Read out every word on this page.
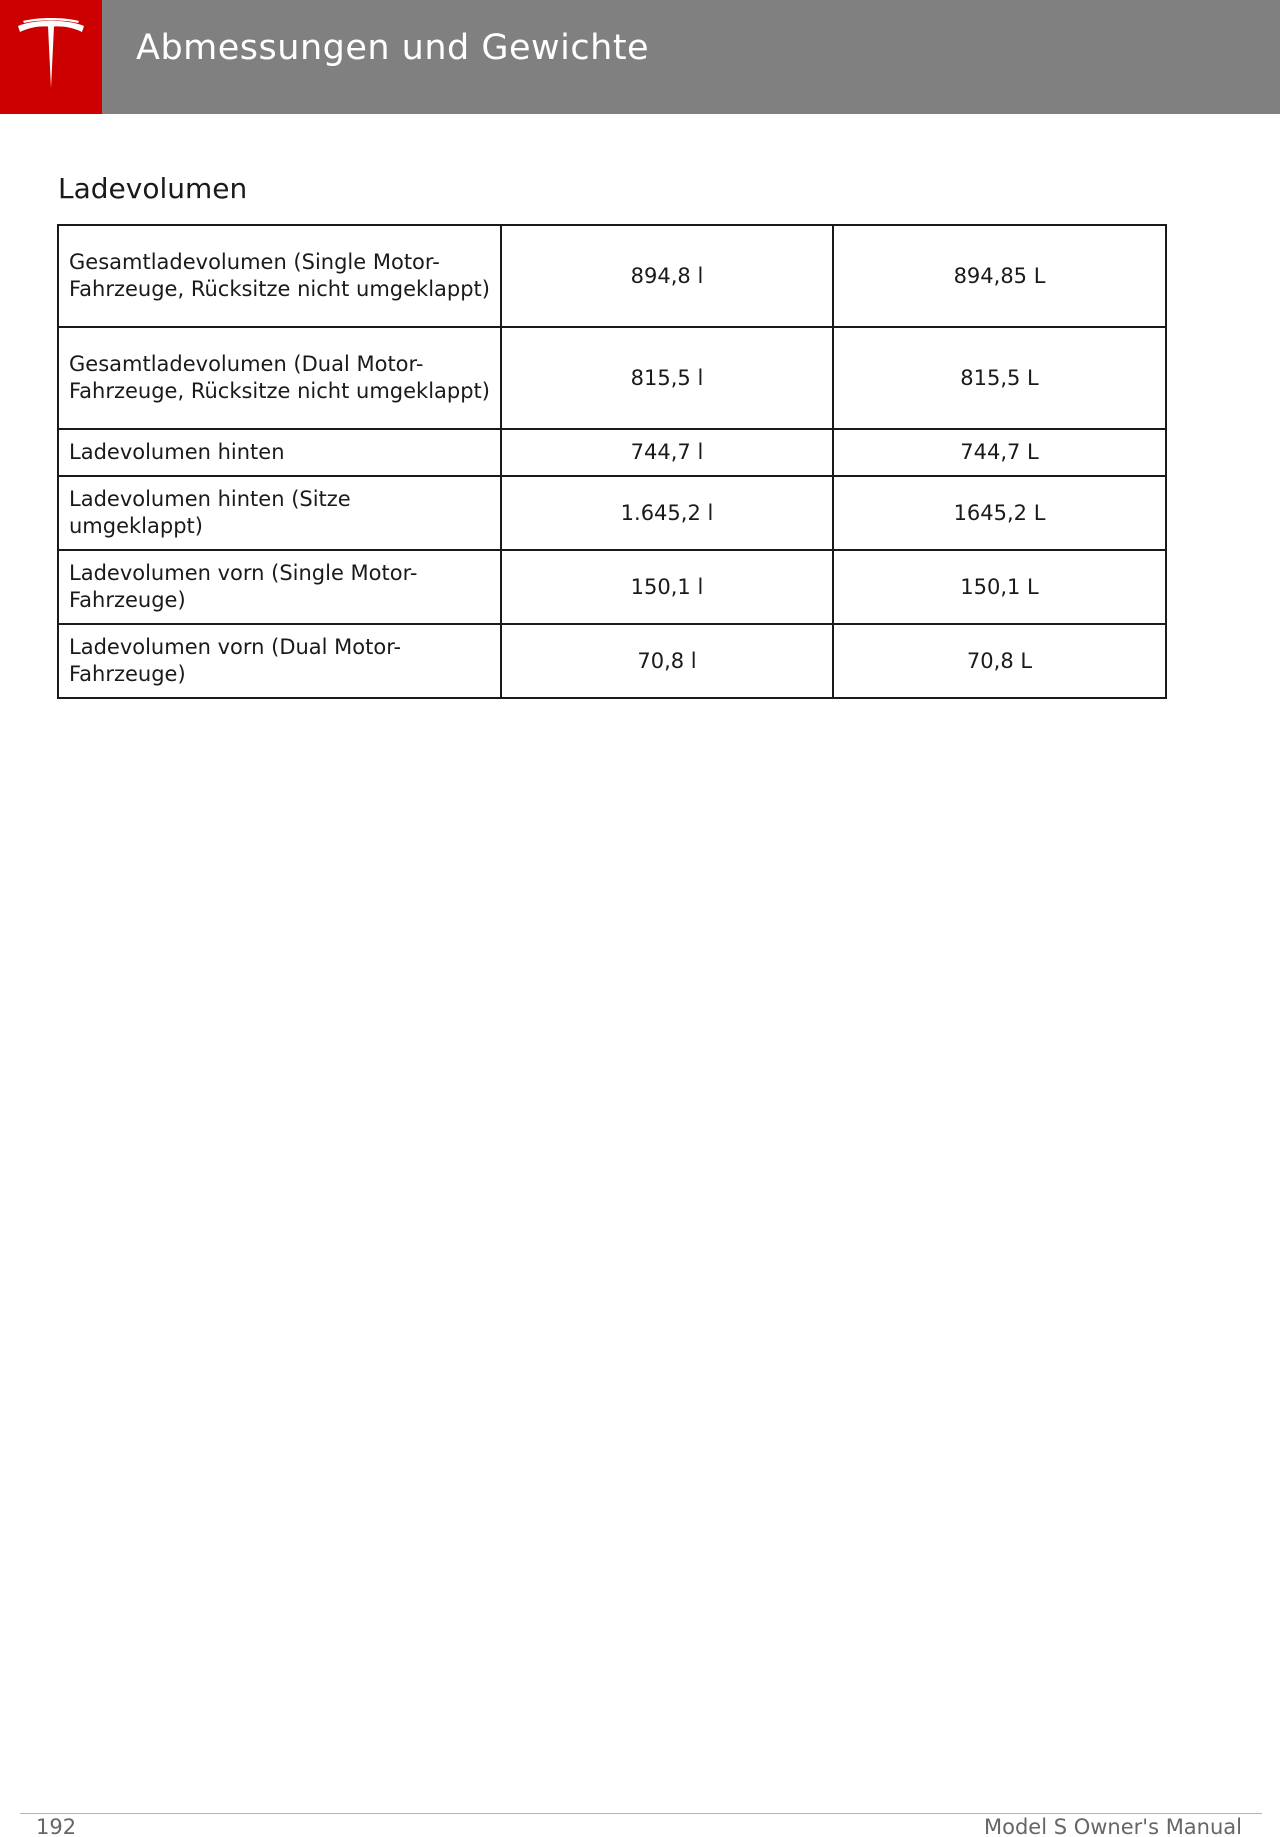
Abmessungen und Gewichte
Ladevolumen
Gesamtladevolumen (Single Motor-Fahrzeuge, Rücksitze nicht umgeklappt)	894,8 l	894,85 L
Gesamtladevolumen (Dual Motor-Fahrzeuge, Rücksitze nicht umgeklappt)	815,5 l	815,5 L
Ladevolumen hinten	744,7 l	744,7 L
Ladevolumen hinten (Sitze umgeklappt)	1.645,2 l	1645,2 L
Ladevolumen vorn (Single Motor-Fahrzeuge)	150,1 l	150,1 L
Ladevolumen vorn (Dual Motor-Fahrzeuge)	70,8 l	70,8 L
192	Model S Owner's Manual
